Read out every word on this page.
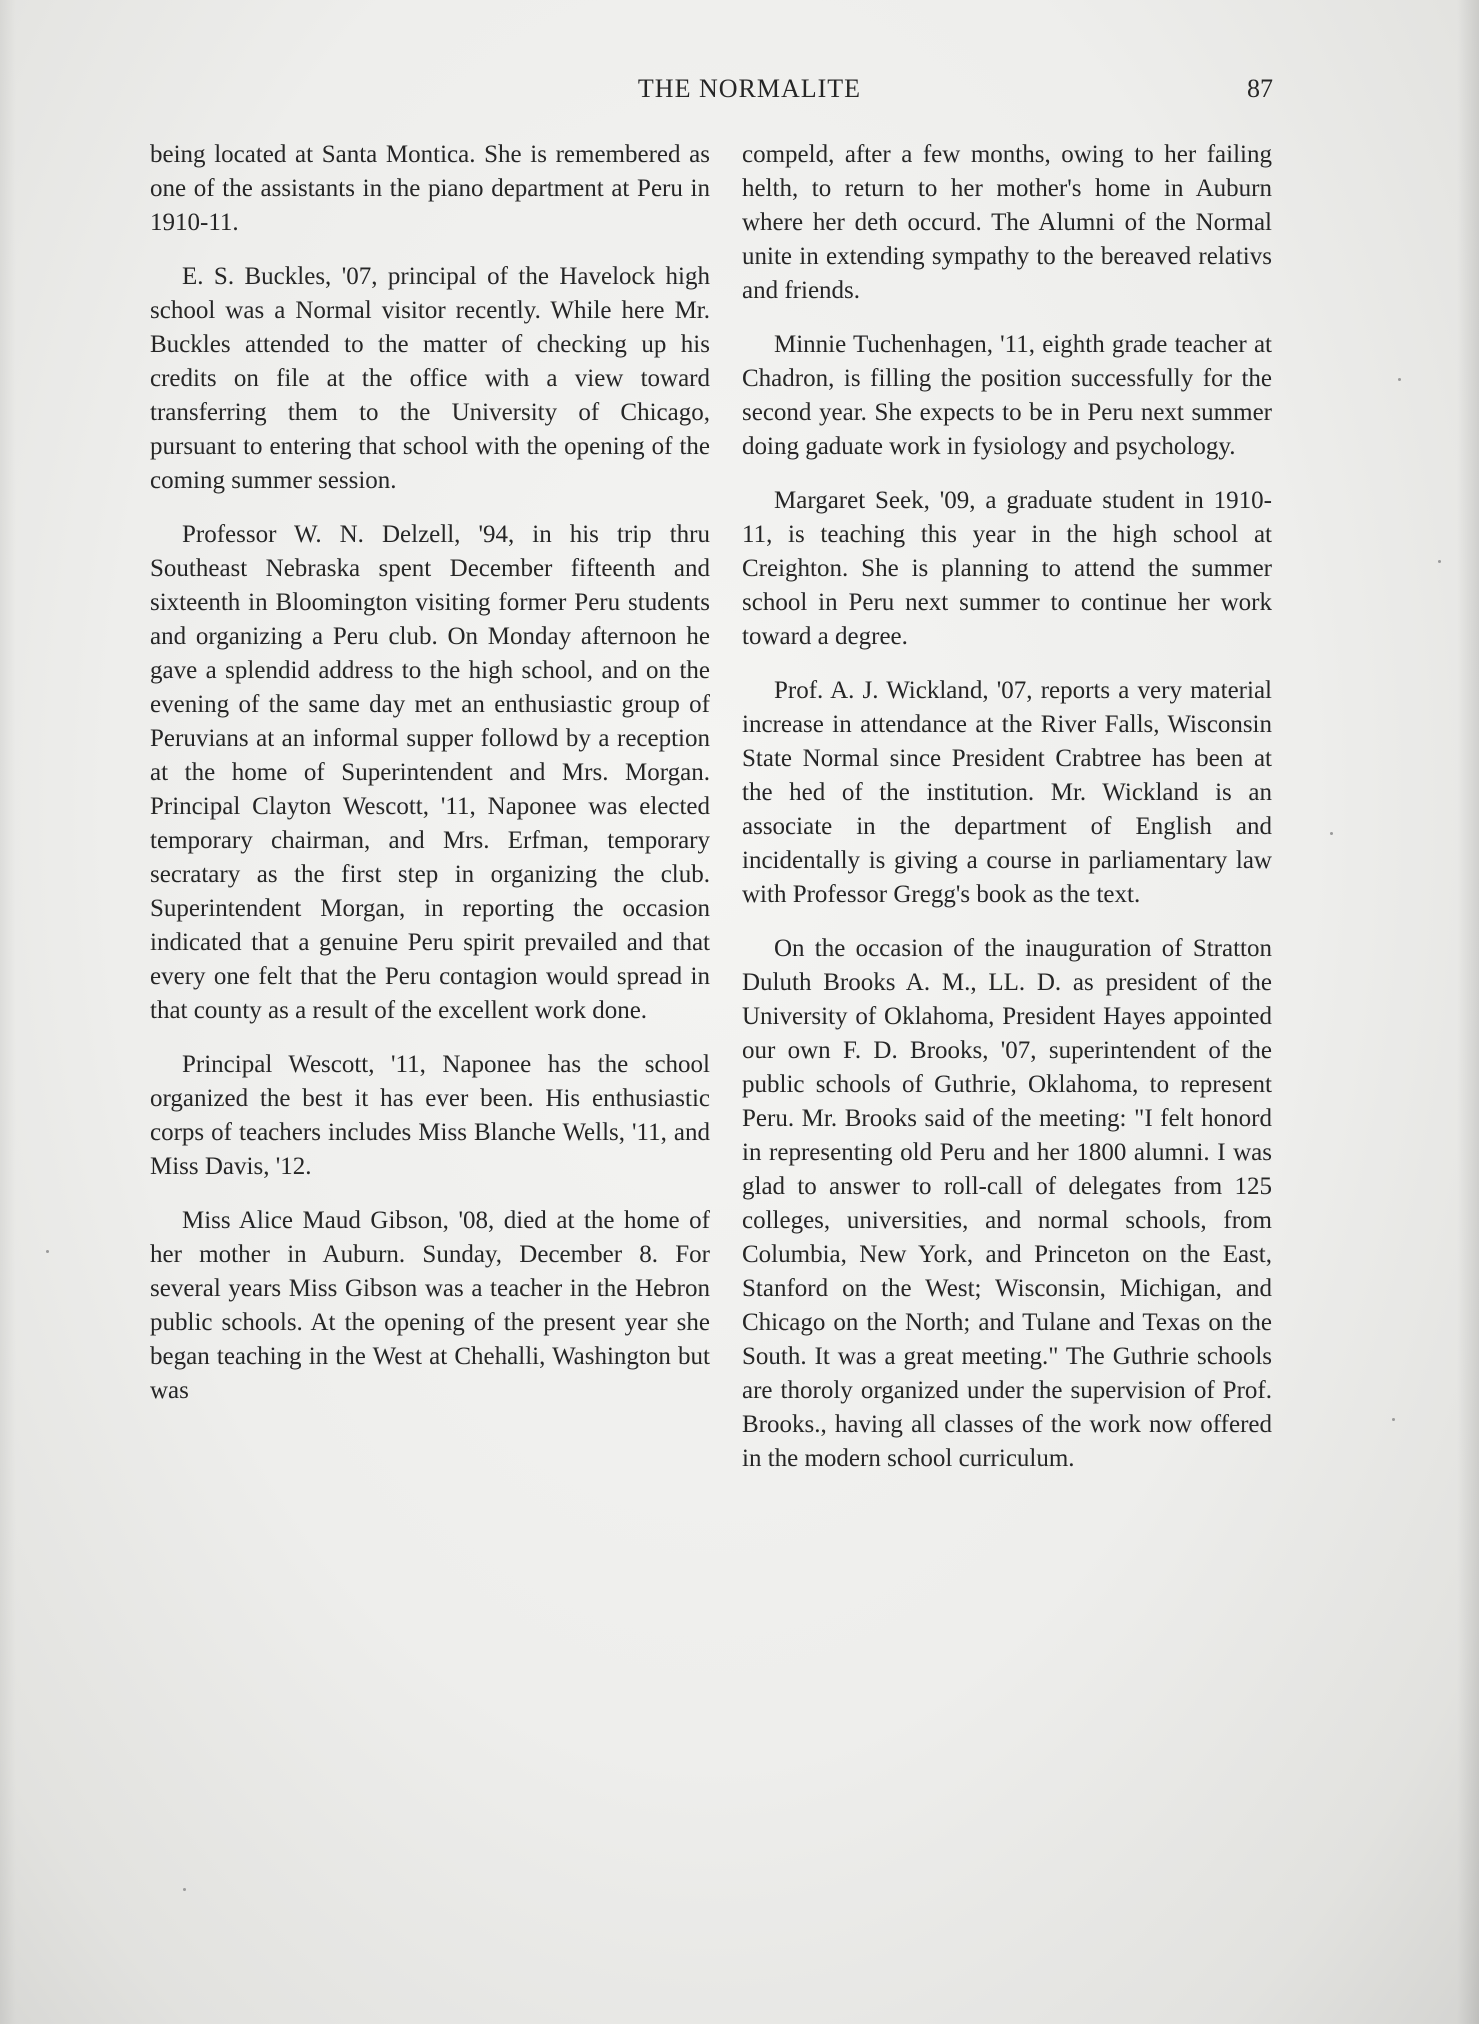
THE NORMALITE	87

being located at Santa Montica. She is remembered as one of the assistants in the piano department at Peru in 1910-11.

E. S. Buckles, '07, principal of the Havelock high school was a Normal visitor recently. While here Mr. Buckles attended to the matter of checking up his credits on file at the office with a view toward transferring them to the University of Chicago, pursuant to entering that school with the opening of the coming summer session.

Professor W. N. Delzell, '94, in his trip thru Southeast Nebraska spent December fifteenth and sixteenth in Bloomington visiting former Peru students and organizing a Peru club. On Monday afternoon he gave a splendid address to the high school, and on the evening of the same day met an enthusiastic group of Peruvians at an informal supper followd by a reception at the home of Superintendent and Mrs. Morgan. Principal Clayton Wescott, '11, Naponee was elected temporary chairman, and Mrs. Erfman, temporary secratary as the first step in organizing the club. Superintendent Morgan, in reporting the occasion indicated that a genuine Peru spirit prevailed and that every one felt that the Peru contagion would spread in that county as a result of the excellent work done.

Principal Wescott, '11, Naponee has the school organized the best it has ever been. His enthusiastic corps of teachers includes Miss Blanche Wells, '11, and Miss Davis, '12.

Miss Alice Maud Gibson, '08, died at the home of her mother in Auburn. Sunday, December 8. For several years Miss Gibson was a teacher in the Hebron public schools. At the opening of the present year she began teaching in the West at Chehalli, Washington but was

compeld, after a few months, owing to her failing helth, to return to her mother's home in Auburn where her deth occurd. The Alumni of the Normal unite in extending sympathy to the bereaved relativs and friends.

Minnie Tuchenhagen, '11, eighth grade teacher at Chadron, is filling the position successfully for the second year. She expects to be in Peru next summer doing gaduate work in fysiology and psychology.

Margaret Seek, '09, a graduate student in 1910-11, is teaching this year in the high school at Creighton. She is planning to attend the summer school in Peru next summer to continue her work toward a degree.

Prof. A. J. Wickland, '07, reports a very material increase in attendance at the River Falls, Wisconsin State Normal since President Crabtree has been at the hed of the institution. Mr. Wickland is an associate in the department of English and incidentally is giving a course in parliamentary law with Professor Gregg's book as the text.

On the occasion of the inauguration of Stratton Duluth Brooks A. M., LL. D. as president of the University of Oklahoma, President Hayes appointed our own F. D. Brooks, '07, superintendent of the public schools of Guthrie, Oklahoma, to represent Peru. Mr. Brooks said of the meeting: "I felt honord in representing old Peru and her 1800 alumni. I was glad to answer to roll-call of delegates from 125 colleges, universities, and normal schools, from Columbia, New York, and Princeton on the East, Stanford on the West; Wisconsin, Michigan, and Chicago on the North; and Tulane and Texas on the South. It was a great meeting." The Guthrie schools are thoroly organized under the supervision of Prof. Brooks., having all classes of the work now offered in the modern school curriculum.
